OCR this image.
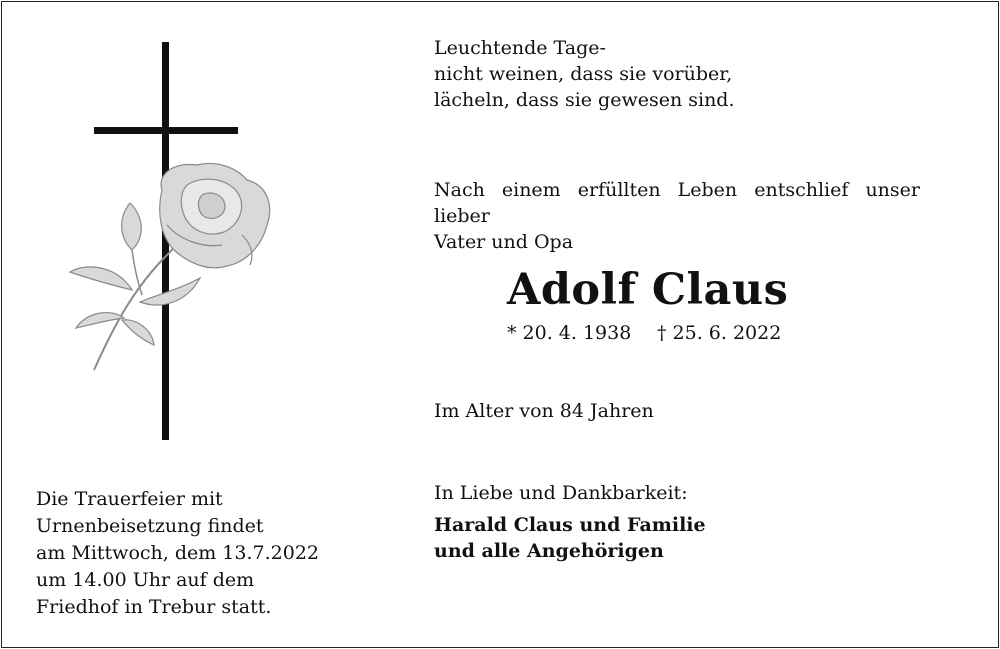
Leuchtende Tage-
nicht weinen, dass sie vorüber,
lächeln, dass sie gewesen sind.
Nach einem erfüllten Leben entschlief unser lieber
Vater und Opa
Adolf Claus
* 20. 4. 1938 † 25. 6. 2022
Im Alter von 84 Jahren
In Liebe und Dankbarkeit:
Harald Claus und Familie
und alle Angehörigen
Die Trauerfeier mit
Urnenbeisetzung findet
am Mittwoch, dem 13.7.2022
um 14.00 Uhr auf dem
Friedhof in Trebur statt.
